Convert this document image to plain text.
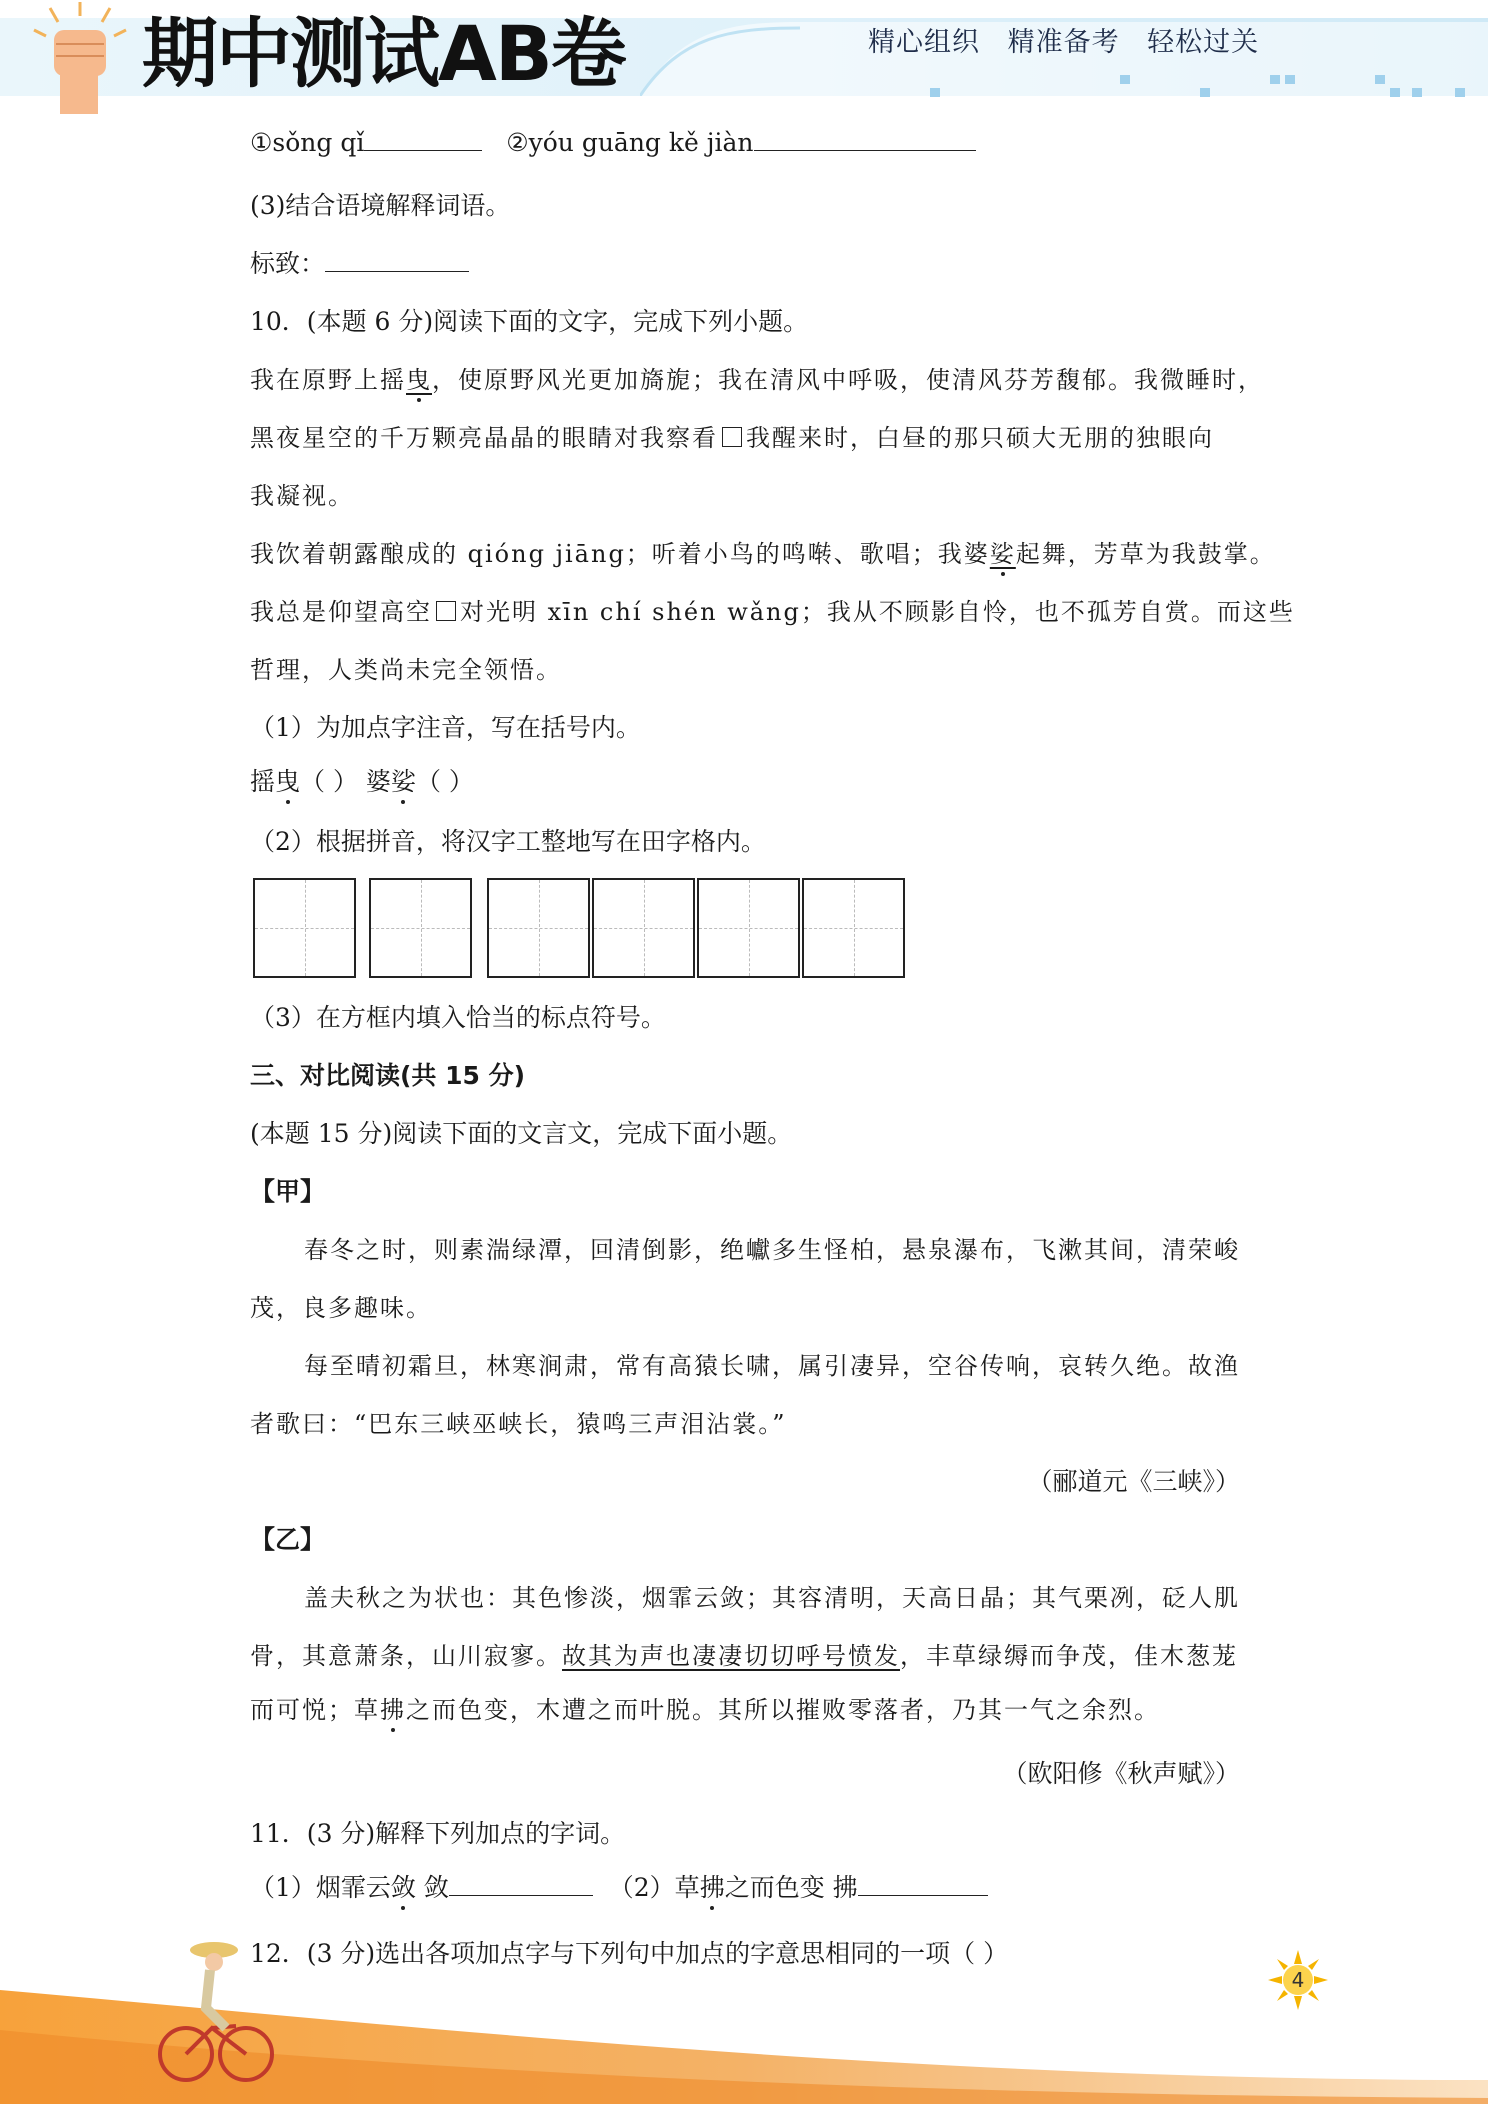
期中测试AB卷	精心组织 精准备考 轻松过关
①sǒng qǐ	②yóu guāng kě jiàn
(3)结合语境解释词语。
标致：
10．(本题 6 分)阅读下面的文字，完成下列小题。
我在原野上摇曳，使原野风光更加旖旎；我在清风中呼吸，使清风芬芳馥郁。我微睡时，
黑夜星空的千万颗亮晶晶的眼睛对我察看 我醒来时，白昼的那只硕大无朋的独眼向
我凝视。
我饮着朝露酿成的 qióng jiāng；听着小鸟的鸣啭、歌唱；我婆娑起舞，芳草为我鼓掌。
我总是仰望高空 对光明 xīn chí shén wǎng；我从不顾影自怜，也不孤芳自赏。而这些
哲理，人类尚未完全领悟。
（1）为加点字注音，写在括号内。
摇曳（ ） 婆娑（ ）
（2）根据拼音，将汉字工整地写在田字格内。
（3）在方框内填入恰当的标点符号。
三、对比阅读(共 15 分)
(本题 15 分)阅读下面的文言文，完成下面小题。
【甲】
春冬之时，则素湍绿潭，回清倒影，绝巘多生怪柏，悬泉瀑布，飞漱其间，清荣峻
茂，良多趣味。
每至晴初霜旦，林寒涧肃，常有高猿长啸，属引凄异，空谷传响，哀转久绝。故渔
者歌曰：“巴东三峡巫峡长，猿鸣三声泪沾裳。”
（郦道元《三峡》）
【乙】
盖夫秋之为状也：其色惨淡，烟霏云敛；其容清明，天高日晶；其气栗冽，砭人肌
骨，其意萧条，山川寂寥。故其为声也凄凄切切呼号愤发，丰草绿缛而争茂，佳木葱茏
而可悦；草拂之而色变，木遭之而叶脱。其所以摧败零落者，乃其一气之余烈。
（欧阳修《秋声赋》）
11．(3 分)解释下列加点的字词。
（1）烟霏云敛 敛	（2）草拂之而色变 拂
12．(3 分)选出各项加点字与下列句中加点的字意思相同的一项（ ）
4
